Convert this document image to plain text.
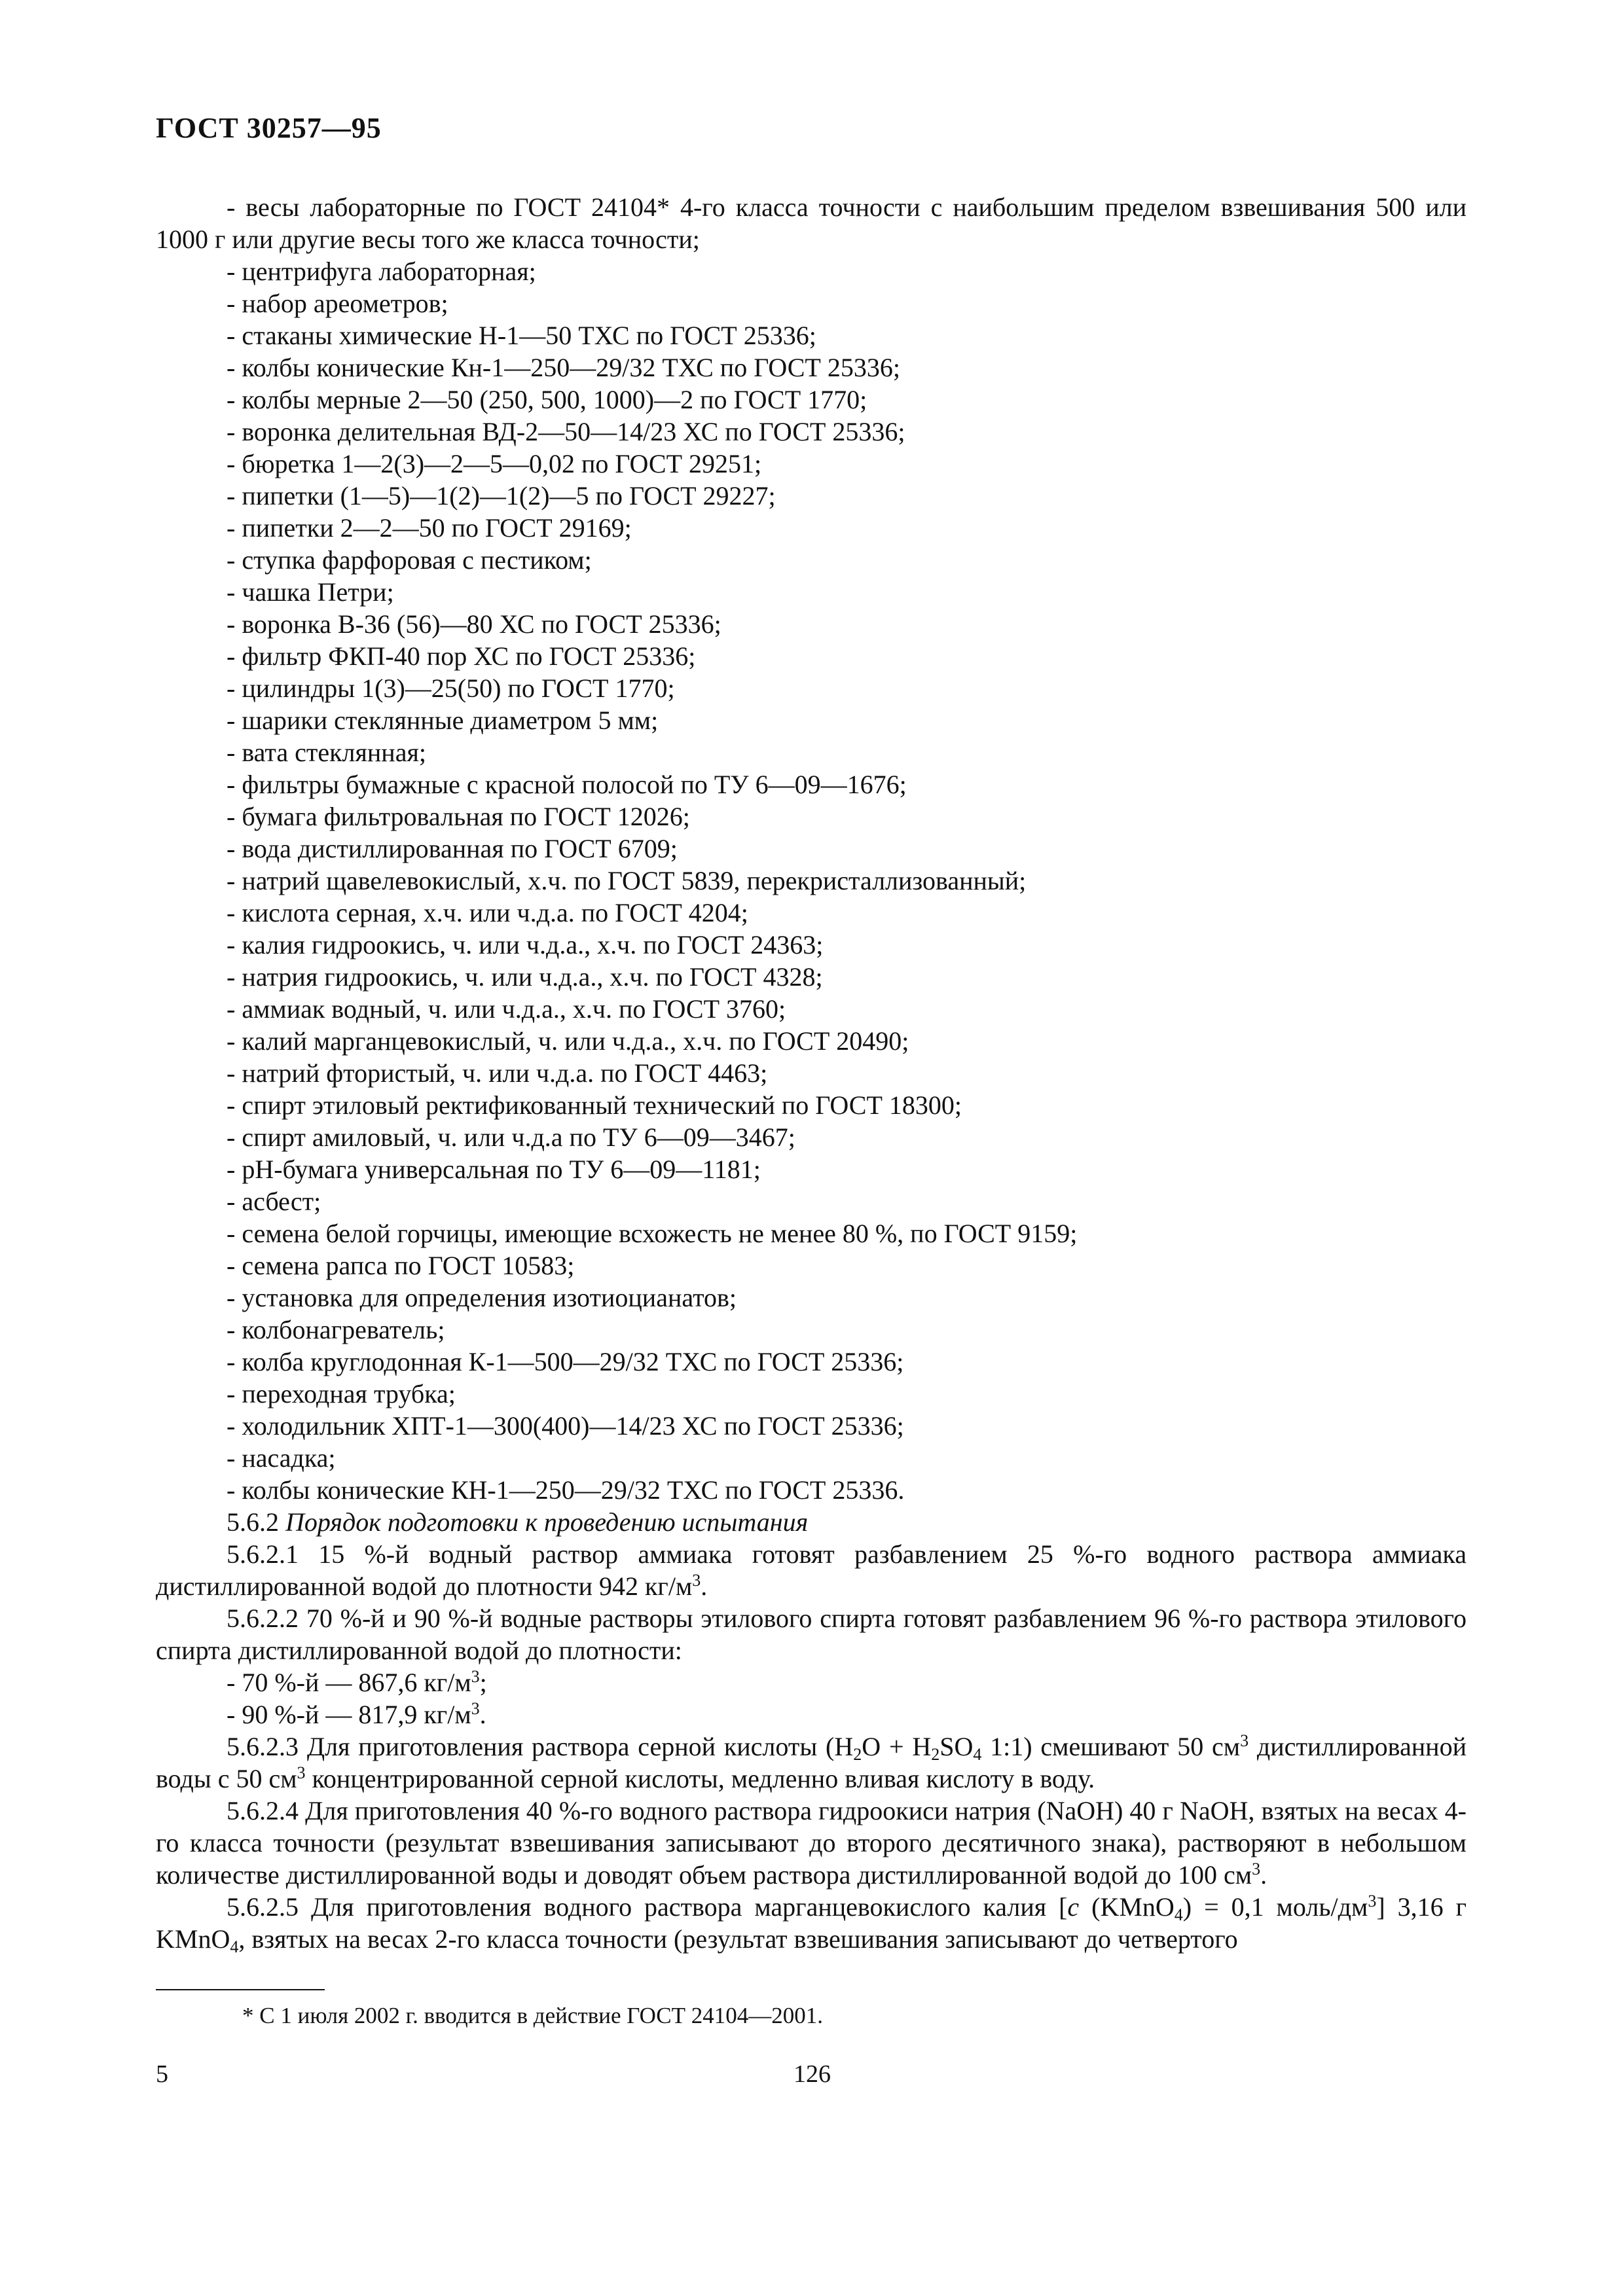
ГОСТ 30257—95

- весы лабораторные по ГОСТ 24104* 4-го класса точности с наибольшим пределом взвешивания 500 или 1000 г или другие весы того же класса точности;

- центрифуга лабораторная;

- набор ареометров;

- стаканы химические Н-1—50 ТХС по ГОСТ 25336;

- колбы конические Кн-1—250—29/32 ТХС по ГОСТ 25336;

- колбы мерные 2—50 (250, 500, 1000)—2 по ГОСТ 1770;

- воронка делительная ВД-2—50—14/23 ХС по ГОСТ 25336;

- бюретка 1—2(3)—2—5—0,02 по ГОСТ 29251;

- пипетки (1—5)—1(2)—1(2)—5 по ГОСТ 29227;

- пипетки 2—2—50 по ГОСТ 29169;

- ступка фарфоровая с пестиком;

- чашка Петри;

- воронка В-36 (56)—80 ХС по ГОСТ 25336;

- фильтр ФКП-40 пор ХС по ГОСТ 25336;

- цилиндры 1(3)—25(50) по ГОСТ 1770;

- шарики стеклянные диаметром 5 мм;

- вата стеклянная;

- фильтры бумажные с красной полосой по ТУ 6—09—1676;

- бумага фильтровальная по ГОСТ 12026;

- вода дистиллированная по ГОСТ 6709;

- натрий щавелевокислый, х.ч. по ГОСТ 5839, перекристаллизованный;

- кислота серная, х.ч. или ч.д.а. по ГОСТ 4204;

- калия гидроокись, ч. или ч.д.а., х.ч. по ГОСТ 24363;

- натрия гидроокись, ч. или ч.д.а., х.ч. по ГОСТ 4328;

- аммиак водный, ч. или ч.д.а., х.ч. по ГОСТ 3760;

- калий марганцевокислый, ч. или ч.д.а., х.ч. по ГОСТ 20490;

- натрий фтористый, ч. или ч.д.а. по ГОСТ 4463;

- спирт этиловый ректификованный технический по ГОСТ 18300;

- спирт амиловый, ч. или ч.д.а по ТУ 6—09—3467;

- рН-бумага универсальная по ТУ 6—09—1181;

- асбест;

- семена белой горчицы, имеющие всхожесть не менее 80 %, по ГОСТ 9159;

- семена рапса по ГОСТ 10583;

- установка для определения изотиоцианатов;

- колбонагреватель;

- колба круглодонная К-1—500—29/32 ТХС по ГОСТ 25336;

- переходная трубка;

- холодильник ХПТ-1—300(400)—14/23 ХС по ГОСТ 25336;

- насадка;

- колбы конические КН-1—250—29/32 ТХС по ГОСТ 25336.

5.6.2 Порядок подготовки к проведению испытания

5.6.2.1 15 %-й водный раствор аммиака готовят разбавлением 25 %-го водного раствора аммиака дистиллированной водой до плотности 942 $кг/м^3$.

5.6.2.2 70 %-й и 90 %-й водные растворы этилового спирта готовят разбавлением 96 %-го раствора этилового спирта дистиллированной водой до плотности:

- 70 %-й — 867,6 $кг/м^3$;

- 90 %-й — 817,9 $кг/м^3$.

5.6.2.3 Для приготовления раствора серной кислоты ($H_2O + H_2SO_4$ 1:1) смешивают 50 $см^3$ дистиллированной воды с 50 $см^3$ концентрированной серной кислоты, медленно вливая кислоту в воду.

5.6.2.4 Для приготовления 40 %-го водного раствора гидроокиси натрия (NaOH) 40 г NaOH, взятых на весах 4-го класса точности (результат взвешивания записывают до второго десятичного знака), растворяют в небольшом количестве дистиллированной воды и доводят объем раствора дистиллированной водой до 100 $см^3$.

5.6.2.5 Для приготовления водного раствора марганцевокислого калия [c (KMnO$_4$) = 0,1 моль/$дм^3$] 3,16 г KMnO$_4$, взятых на весах 2-го класса точности (результат взвешивания записывают до четвертого

* С 1 июля 2002 г. вводится в действие ГОСТ 24104—2001.
5	126
